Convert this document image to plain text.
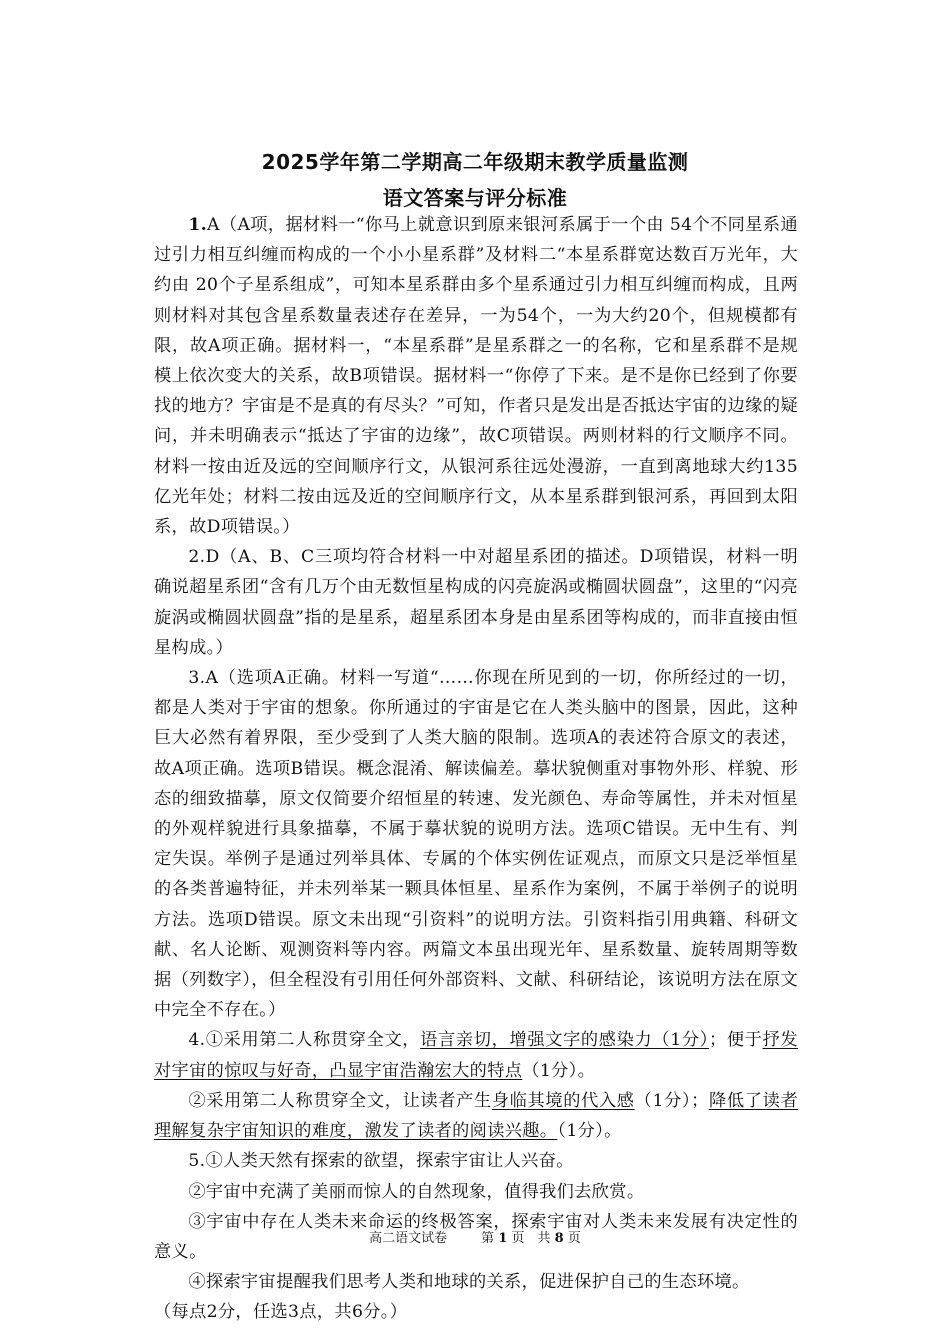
2025学年第二学期高二年级期末教学质量监测
语文答案与评分标准

1.A（A项，据材料一“你马上就意识到原来银河系属于一个由 54个不同星系通过引力相互纠缠而构成的一个小小星系群”及材料二“本星系群宽达数百万光年，大约由 20个子星系组成”，可知本星系群由多个星系通过引力相互纠缠而构成，且两则材料对其包含星系数量表述存在差异，一为54个，一为大约20个，但规模都有限，故A项正确。据材料一，“本星系群”是星系群之一的名称，它和星系群不是规模上依次变大的关系，故B项错误。据材料一“你停了下来。是不是你已经到了你要找的地方？宇宙是不是真的有尽头？”可知，作者只是发出是否抵达宇宙的边缘的疑问，并未明确表示“抵达了宇宙的边缘”，故C项错误。两则材料的行文顺序不同。材料一按由近及远的空间顺序行文，从银河系往远处漫游，一直到离地球大约135亿光年处；材料二按由远及近的空间顺序行文，从本星系群到银河系，再回到太阳系，故D项错误。）

2.D（A、B、C三项均符合材料一中对超星系团的描述。D项错误，材料一明确说超星系团“含有几万个由无数恒星构成的闪亮旋涡或椭圆状圆盘”，这里的“闪亮旋涡或椭圆状圆盘”指的是星系，超星系团本身是由星系团等构成的，而非直接由恒星构成。）

3.A（选项A正确。材料一写道“……你现在所见到的一切，你所经过的一切，都是人类对于宇宙的想象。你所通过的宇宙是它在人类头脑中的图景，因此，这种巨大必然有着界限，至少受到了人类大脑的限制。选项A的表述符合原文的表述，故A项正确。选项B错误。概念混淆、解读偏差。摹状貌侧重对事物外形、样貌、形态的细致描摹，原文仅简要介绍恒星的转速、发光颜色、寿命等属性，并未对恒星的外观样貌进行具象描摹，不属于摹状貌的说明方法。选项C错误。无中生有、判定失误。举例子是通过列举具体、专属的个体实例佐证观点，而原文只是泛举恒星的各类普遍特征，并未列举某一颗具体恒星、星系作为案例，不属于举例子的说明方法。选项D错误。原文未出现“引资料”的说明方法。引资料指引用典籍、科研文献、名人论断、观测资料等内容。两篇文本虽出现光年、星系数量、旋转周期等数据（列数字），但全程没有引用任何外部资料、文献、科研结论，该说明方法在原文中完全不存在。）

4.①采用第二人称贯穿全文，语言亲切，增强文字的感染力（1分）；便于抒发对宇宙的惊叹与好奇，凸显宇宙浩瀚宏大的特点（1分）。

②采用第二人称贯穿全文，让读者产生身临其境的代入感（1分）；降低了读者理解复杂宇宙知识的难度，激发了读者的阅读兴趣。（1分）。

5.①人类天然有探索的欲望，探索宇宙让人兴奋。

②宇宙中充满了美丽而惊人的自然现象，值得我们去欣赏。

③宇宙中存在人类未来命运的终极答案，探索宇宙对人类未来发展有决定性的意义。

④探索宇宙提醒我们思考人类和地球的关系，促进保护自己的生态环境。

（每点2分，任选3点，共6分。）

高二语文试卷	第 1 页　共 8 页
